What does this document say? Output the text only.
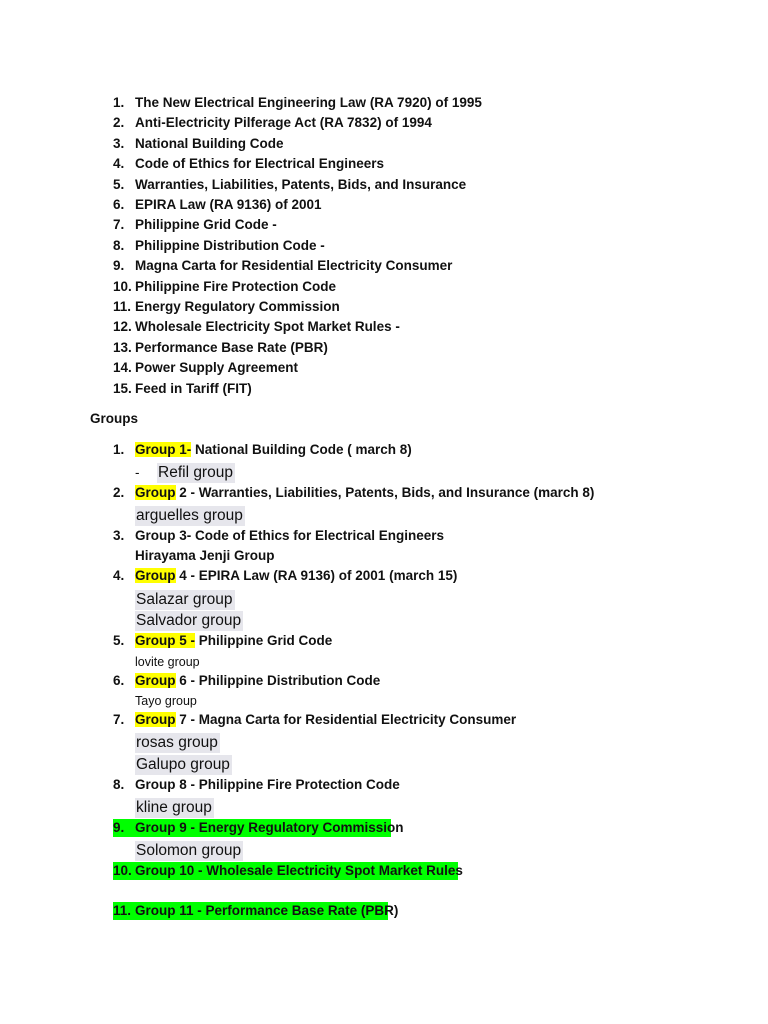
1. The New Electrical Engineering Law (RA 7920) of 1995
2. Anti-Electricity Pilferage Act (RA 7832) of 1994
3. National Building Code
4. Code of Ethics for Electrical Engineers
5. Warranties, Liabilities, Patents, Bids, and Insurance
6. EPIRA Law (RA 9136) of 2001
7. Philippine Grid Code -
8. Philippine Distribution Code -
9. Magna Carta for Residential Electricity Consumer
10. Philippine Fire Protection Code
11. Energy Regulatory Commission
12. Wholesale Electricity Spot Market Rules -
13. Performance Base Rate (PBR)
14. Power Supply Agreement
15. Feed in Tariff (FIT)
Groups
1. Group 1- National Building Code ( march 8)
- Refil group
2. Group 2 - Warranties, Liabilities, Patents, Bids, and Insurance (march 8)
arguelles group
3. Group 3- Code of Ethics for Electrical Engineers
Hirayama Jenji Group
4. Group 4 - EPIRA Law (RA 9136) of 2001 (march 15)
Salazar group
Salvador group
5. Group 5 - Philippine Grid Code
lovite group
6. Group 6 - Philippine Distribution Code
Tayo group
7. Group 7 - Magna Carta for Residential Electricity Consumer
rosas group
Galupo group
8. Group 8 - Philippine Fire Protection Code
kline group
9. Group 9 - Energy Regulatory Commission
Solomon group
10. Group 10 - Wholesale Electricity Spot Market Rules
11. Group 11 - Performance Base Rate (PBR)
